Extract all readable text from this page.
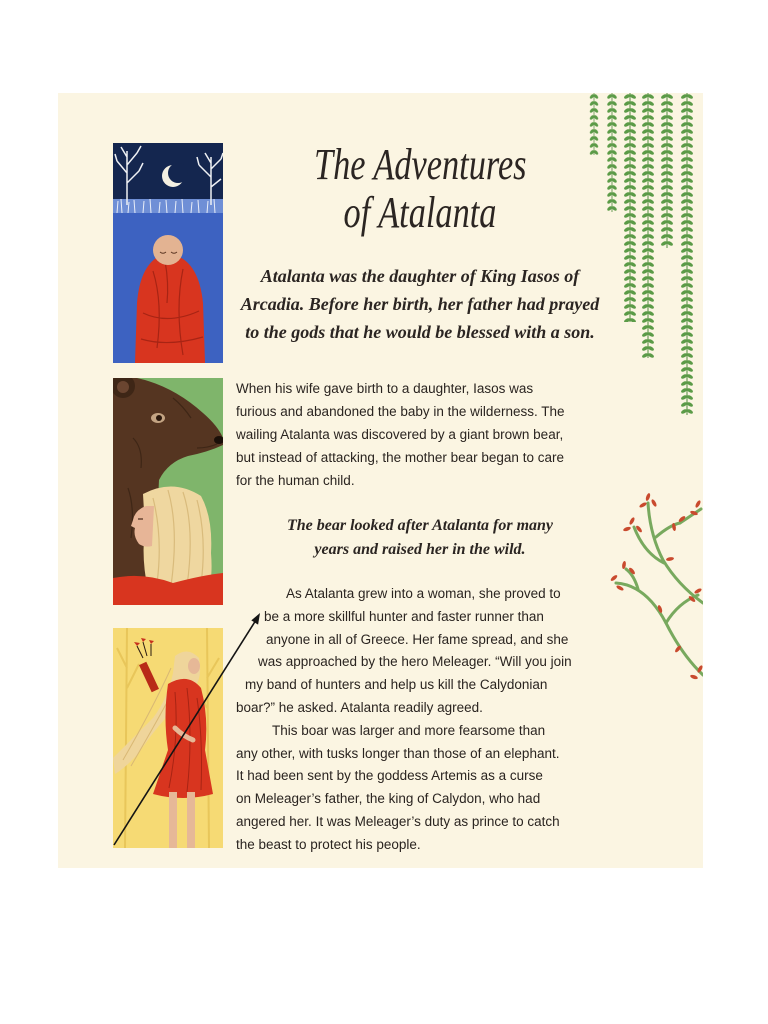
The Adventures
of Atalanta
Atalanta was the daughter of King Iasos of
Arcadia. Before her birth, her father had prayed
to the gods that he would be blessed with a son.
When his wife gave birth to a daughter, Iasos was
furious and abandoned the baby in the wilderness. The
wailing Atalanta was discovered by a giant brown bear,
but instead of attacking, the mother bear began to care
for the human child.
The bear looked after Atalanta for many
years and raised her in the wild.
As Atalanta grew into a woman, she proved to
be a more skillful hunter and faster runner than
anyone in all of Greece. Her fame spread, and she
was approached by the hero Meleager. “Will you join
my band of hunters and help us kill the Calydonian
boar?” he asked. Atalanta readily agreed.
This boar was larger and more fearsome than
any other, with tusks longer than those of an elephant.
It had been sent by the goddess Artemis as a curse
on Meleager’s father, the king of Calydon, who had
angered her. It was Meleager’s duty as prince to catch
the beast to protect his people.
